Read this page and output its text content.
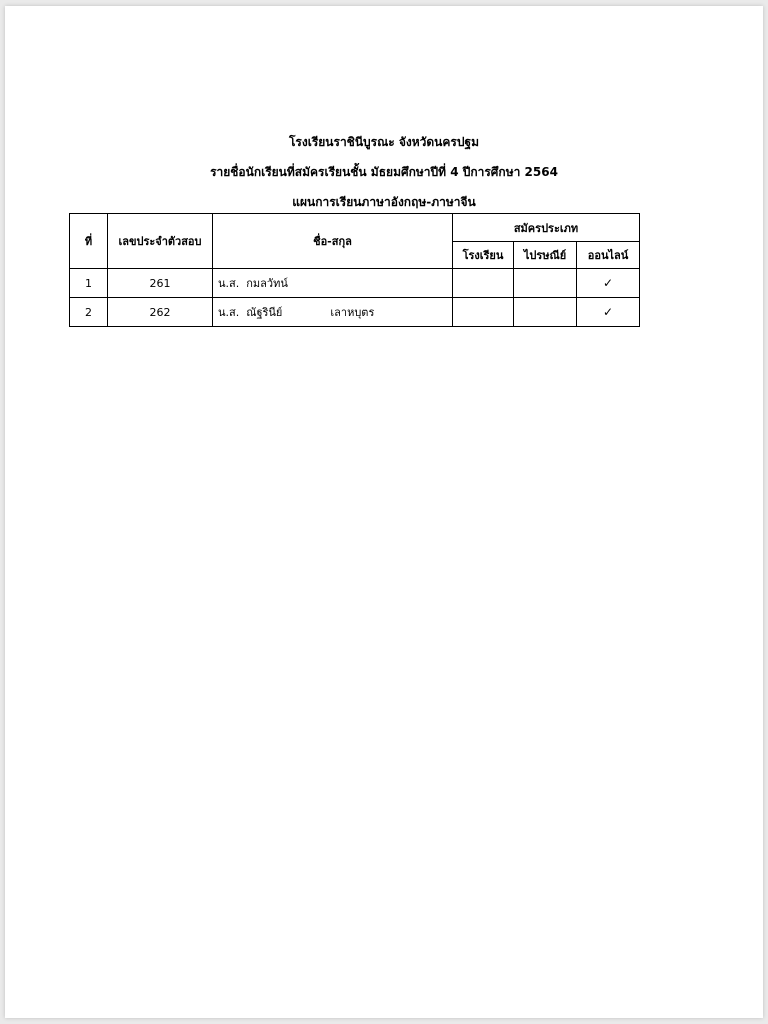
โรงเรียนราชินีบูรณะ จังหวัดนครปฐม
รายชื่อนักเรียนที่สมัครเรียนชั้น มัธยมศึกษาปีที่ 4 ปีการศึกษา 2564
แผนการเรียนภาษาอังกฤษ-ภาษาจีน
ที่	เลขประจำตัวสอบ	ชื่อ-สกุล	สมัครประเภท		
			โรงเรียน	ไปรษณีย์	ออนไลน์
1	261	น.ส. กมลวัทน์			✓
2	262	น.ส. ณัฐรินีย์ เลาหบุตร			✓
